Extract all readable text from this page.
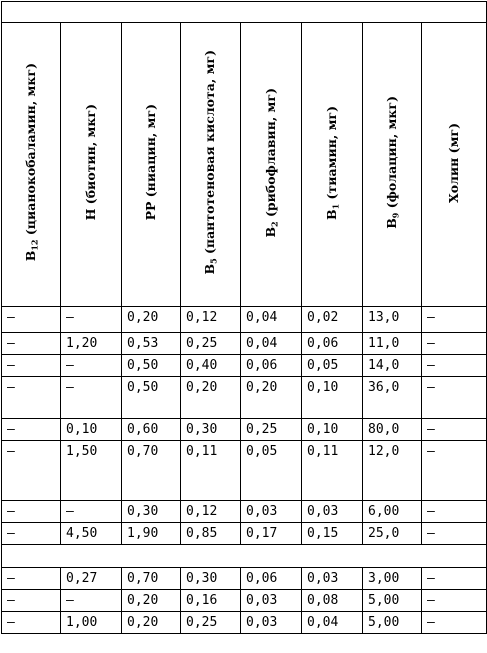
$B_{12}$ (цианокобаламин, мкг)	H (биотин, мкг)	PP (ниацин, мг)	$B_5$ (пантотеновая кислота, мг)	$B_2$ (рибофлавин, мг)	$B_1$ (тиамин, мг)	$B_9$ (фолацин, мкг)	Холин (мг)
—	—	0,20	0,12	0,04	0,02	13,0	—
—	1,20	0,53	0,25	0,04	0,06	11,0	—
—	—	0,50	0,40	0,06	0,05	14,0	—
—	—	0,50	0,20	0,20	0,10	36,0	—
—	0,10	0,60	0,30	0,25	0,10	80,0	—
—	1,50	0,70	0,11	0,05	0,11	12,0	—
—	—	0,30	0,12	0,03	0,03	6,00	—
—	4,50	1,90	0,85	0,17	0,15	25,0	—

—	0,27	0,70	0,30	0,06	0,03	3,00	—
—	—	0,20	0,16	0,03	0,08	5,00	—
—	1,00	0,20	0,25	0,03	0,04	5,00	—
